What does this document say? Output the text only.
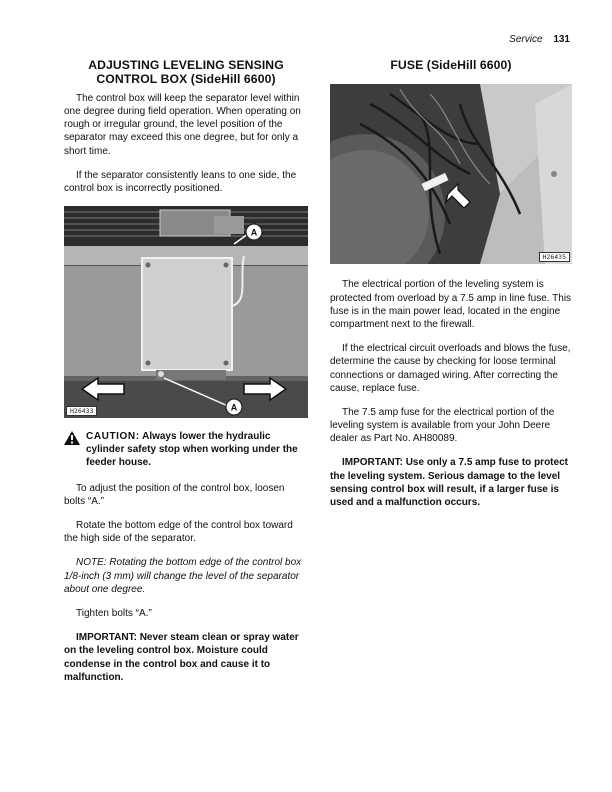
Service 131
ADJUSTING LEVELING SENSING CONTROL BOX (SideHill 6600)

The control box will keep the separator level within one degree during field operation. When operating on rough or irregular ground, the level position of the separator may exceed this one degree, but for only a short time.

If the separator consistently leans to one side, the control box is incorrectly positioned.

A
A
H26433
CAUTION: Always lower the hydraulic cylinder safety stop when working under the feeder house.

To adjust the position of the control box, loosen bolts “A.”

Rotate the bottom edge of the control box toward the high side of the separator.

NOTE: Rotating the bottom edge of the control box 1/8-inch (3 mm) will change the level of the separator about one degree.

Tighten bolts “A.”

IMPORTANT: Never steam clean or spray water on the leveling control box. Moisture could condense in the control box and cause it to malfunction.

FUSE (SideHill 6600)
H26435

The electrical portion of the leveling system is protected from overload by a 7.5 amp in line fuse. This fuse is in the main power lead, located in the engine compartment next to the firewall.

If the electrical circuit overloads and blows the fuse, determine the cause by checking for loose terminal connections or damaged wiring. After correcting the cause, replace fuse.

The 7.5 amp fuse for the electrical portion of the leveling system is available from your John Deere dealer as Part No. AH80089.

IMPORTANT: Use only a 7.5 amp fuse to protect the leveling system. Serious damage to the level sensing control box will result, if a larger fuse is used and a malfunction occurs.
